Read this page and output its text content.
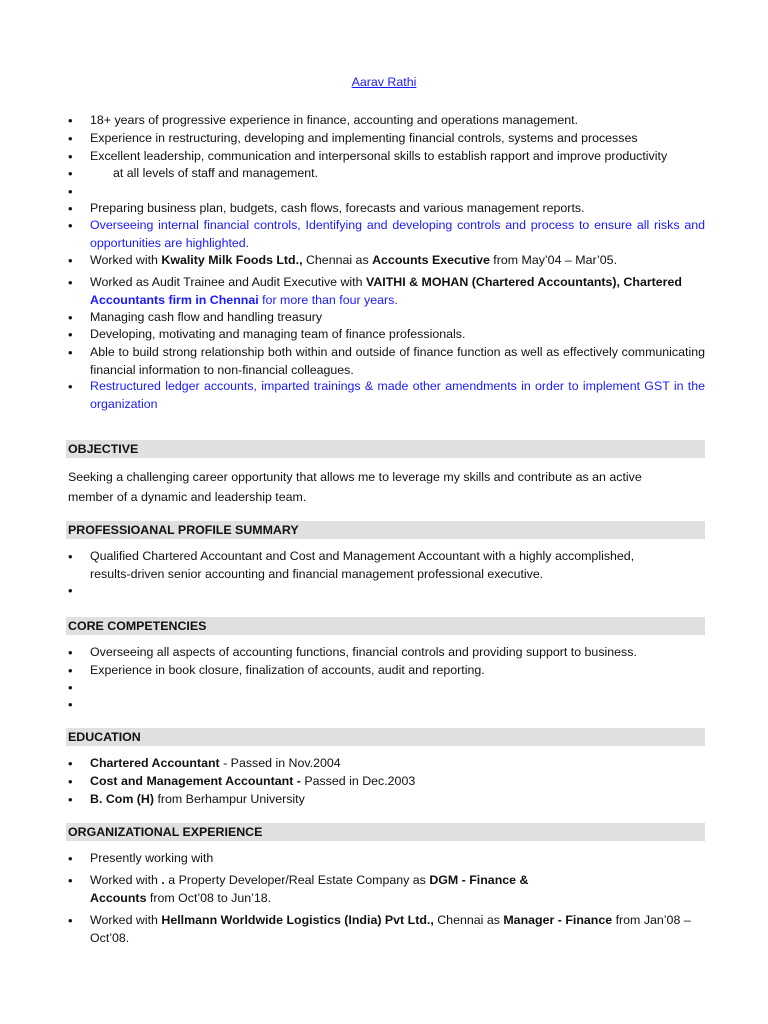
Aarav Rathi
• 18+ years of progressive experience in finance, accounting and operations management.
• Experience in restructuring, developing and implementing financial controls, systems and processes
• Excellent leadership, communication and interpersonal skills to establish rapport and improve productivity
•	at all levels of staff and management.
•
• Preparing business plan, budgets, cash flows, forecasts and various management reports.
• Overseeing internal financial controls, Identifying and developing controls and process to ensure all risks and opportunities are highlighted.
• Worked with Kwality Milk Foods Ltd., Chennai as Accounts Executive from May’04 – Mar’05.
• Worked as Audit Trainee and Audit Executive with VAITHI & MOHAN (Chartered Accountants), Chartered Accountants firm in Chennai for more than four years.
• Managing cash flow and handling treasury
• Developing, motivating and managing team of finance professionals.
• Able to build strong relationship both within and outside of finance function as well as effectively communicating financial information to non-financial colleagues.
• Restructured ledger accounts, imparted trainings & made other amendments in order to implement GST in the organization
OBJECTIVE
Seeking a challenging career opportunity that allows me to leverage my skills and contribute as an active member of a dynamic and leadership team.
PROFESSIOANAL PROFILE SUMMARY
• Qualified Chartered Accountant and Cost and Management Accountant with a highly accomplished, results-driven senior accounting and financial management professional executive.
•
CORE COMPETENCIES
• Overseeing all aspects of accounting functions, financial controls and providing support to business.
• Experience in book closure, finalization of accounts, audit and reporting.
•
•
EDUCATION
• Chartered Accountant - Passed in Nov.2004
• Cost and Management Accountant - Passed in Dec.2003
• B. Com (H) from Berhampur University
ORGANIZATIONAL EXPERIENCE
• Presently working with
• Worked with . a Property Developer/Real Estate Company as DGM - Finance &
Accounts from Oct’08 to Jun’18.
• Worked with Hellmann Worldwide Logistics (India) Pvt Ltd., Chennai as Manager - Finance from Jan’08 – Oct’08.
